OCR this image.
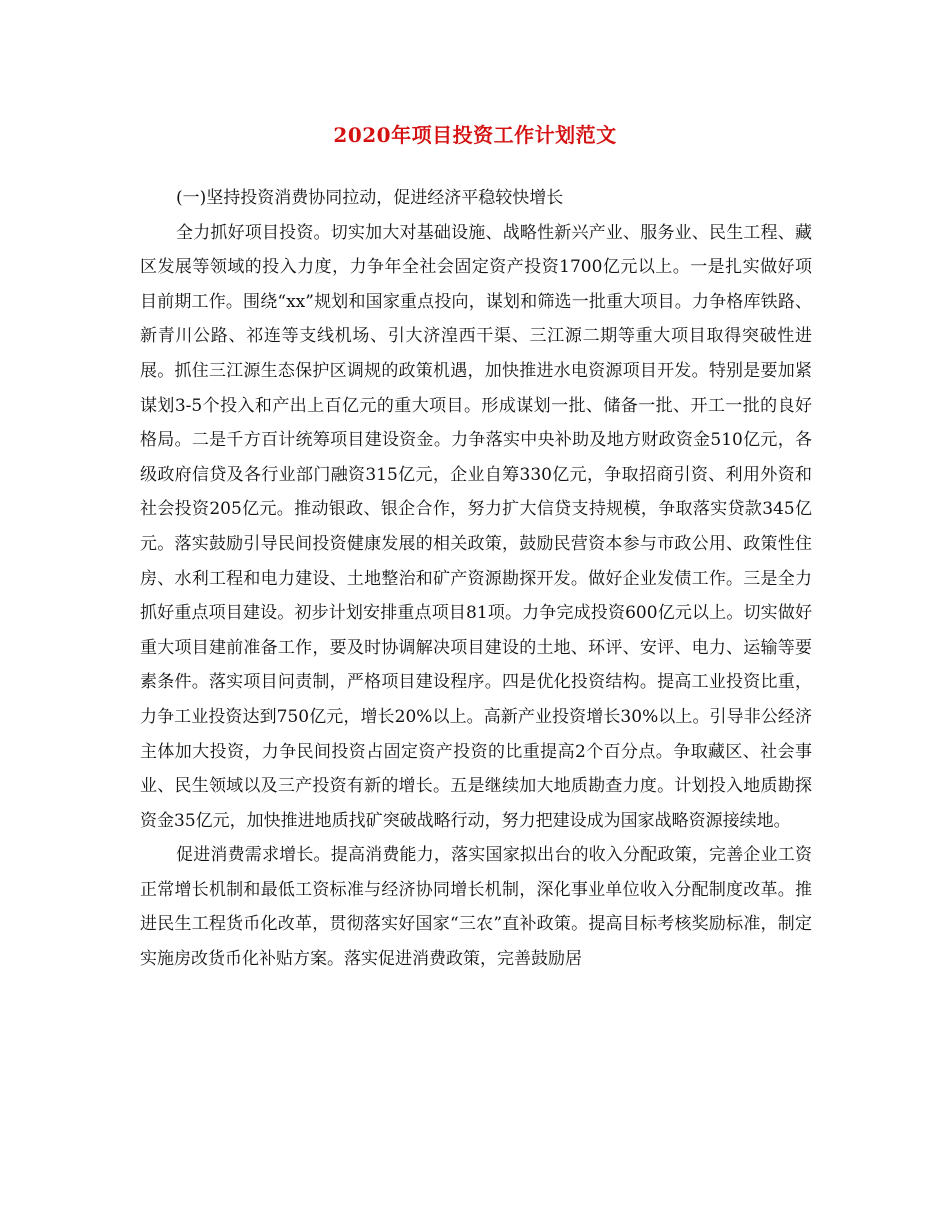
2020年项目投资工作计划范文

(一)坚持投资消费协同拉动，促进经济平稳较快增长

全力抓好项目投资。切实加大对基础设施、战略性新兴产业、服务业、民生工程、藏区发展等领域的投入力度，力争年全社会固定资产投资1700亿元以上。一是扎实做好项目前期工作。围绕“xx”规划和国家重点投向，谋划和筛选一批重大项目。力争格库铁路、新青川公路、祁连等支线机场、引大济湟西干渠、三江源二期等重大项目取得突破性进展。抓住三江源生态保护区调规的政策机遇，加快推进水电资源项目开发。特别是要加紧谋划3-5个投入和产出上百亿元的重大项目。形成谋划一批、储备一批、开工一批的良好格局。二是千方百计统筹项目建设资金。力争落实中央补助及地方财政资金510亿元，各级政府信贷及各行业部门融资315亿元，企业自筹330亿元，争取招商引资、利用外资和社会投资205亿元。推动银政、银企合作，努力扩大信贷支持规模，争取落实贷款345亿元。落实鼓励引导民间投资健康发展的相关政策，鼓励民营资本参与市政公用、政策性住房、水利工程和电力建设、土地整治和矿产资源勘探开发。做好企业发债工作。三是全力抓好重点项目建设。初步计划安排重点项目81项。力争完成投资600亿元以上。切实做好重大项目建前准备工作，要及时协调解决项目建设的土地、环评、安评、电力、运输等要素条件。落实项目问责制，严格项目建设程序。四是优化投资结构。提高工业投资比重，力争工业投资达到750亿元，增长20%以上。高新产业投资增长30%以上。引导非公经济主体加大投资，力争民间投资占固定资产投资的比重提高2个百分点。争取藏区、社会事业、民生领域以及三产投资有新的增长。五是继续加大地质勘查力度。计划投入地质勘探资金35亿元，加快推进地质找矿突破战略行动，努力把建设成为国家战略资源接续地。

促进消费需求增长。提高消费能力，落实国家拟出台的收入分配政策，完善企业工资正常增长机制和最低工资标准与经济协同增长机制，深化事业单位收入分配制度改革。推进民生工程货币化改革，贯彻落实好国家“三农”直补政策。提高目标考核奖励标准，制定实施房改货币化补贴方案。落实促进消费政策，完善鼓励居
